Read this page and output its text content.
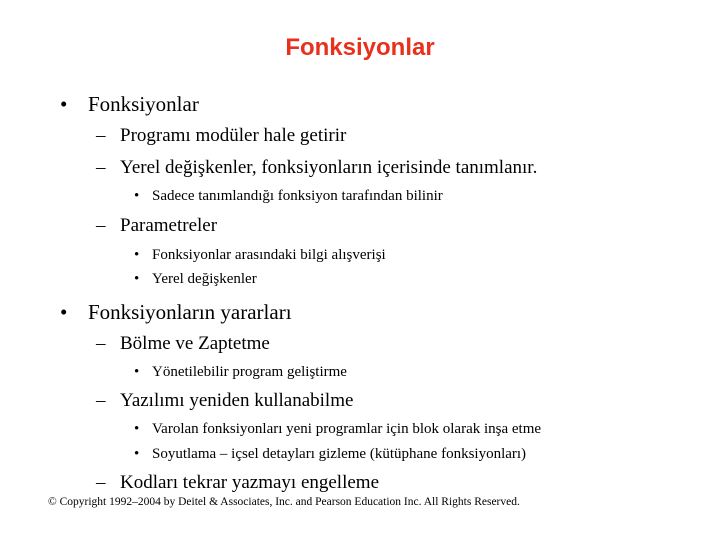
Fonksiyonlar
• Fonksiyonlar
– Programı modüler hale getirir
– Yerel değişkenler, fonksiyonların içerisinde tanımlanır.
• Sadece tanımlandığı fonksiyon tarafından bilinir
– Parametreler
• Fonksiyonlar arasındaki bilgi alışverişi
• Yerel değişkenler
• Fonksiyonların yararları
– Bölme ve Zaptetme
• Yönetilebilir program geliştirme
– Yazılımı yeniden kullanabilme
• Varolan fonksiyonları yeni programlar için blok olarak inşa etme
• Soyutlama – içsel detayları gizleme (kütüphane fonksiyonları)
– Kodları tekrar yazmayı engelleme
© Copyright 1992–2004 by Deitel & Associates, Inc. and Pearson Education Inc. All Rights Reserved.
